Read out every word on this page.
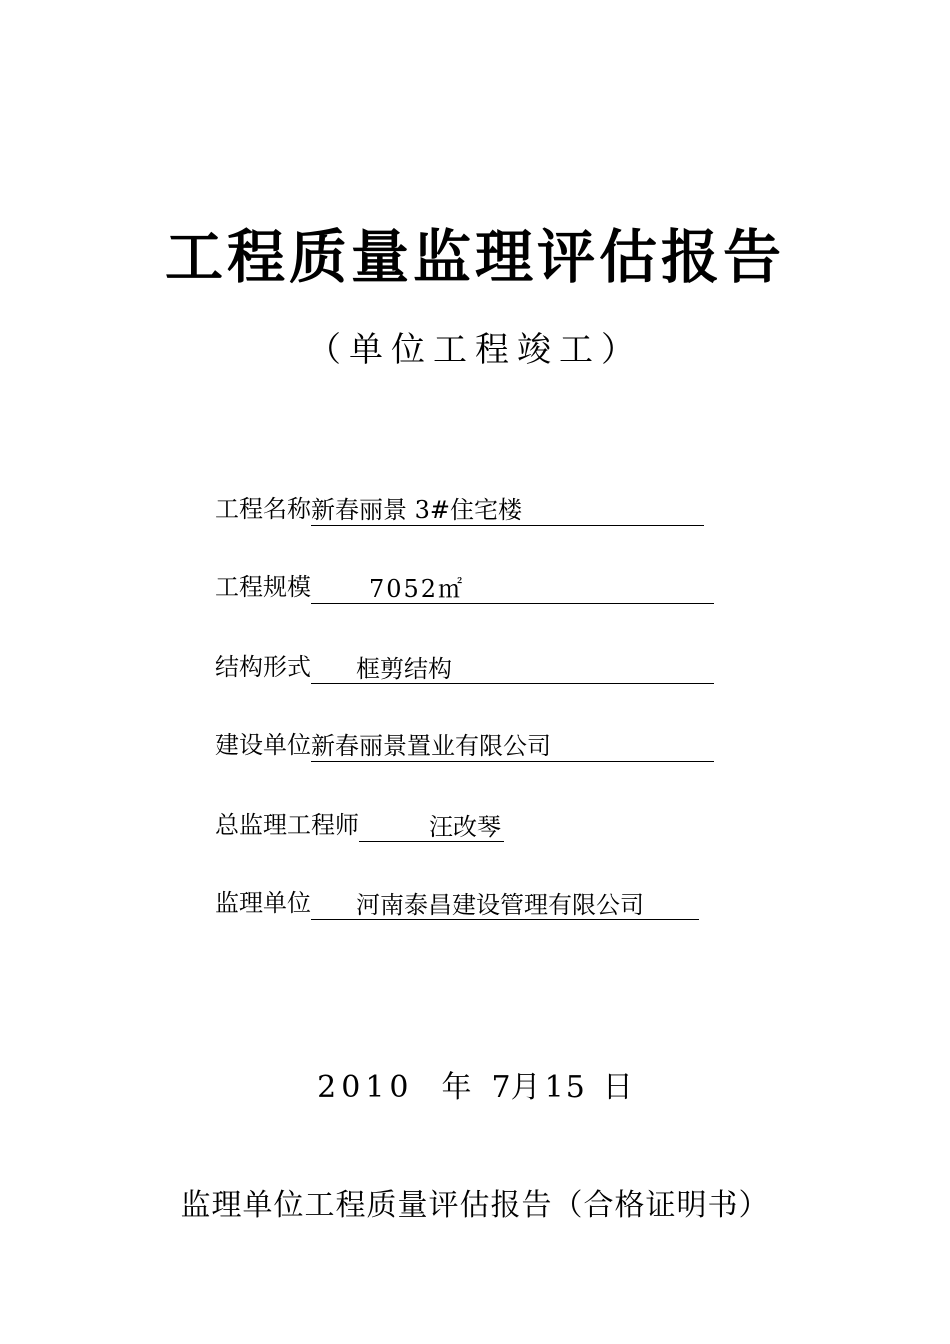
工程质量监理评估报告
（单位工程竣工）
工程名称 新春丽景 3#住宅楼
工程规模	7052㎡
结构形式	框剪结构
建设单位 新春丽景置业有限公司
总监理工程师	汪改琴
监理单位	河南泰昌建设管理有限公司
2010 年 7月 15 日
监理单位工程质量评估报告（合格证明书）
